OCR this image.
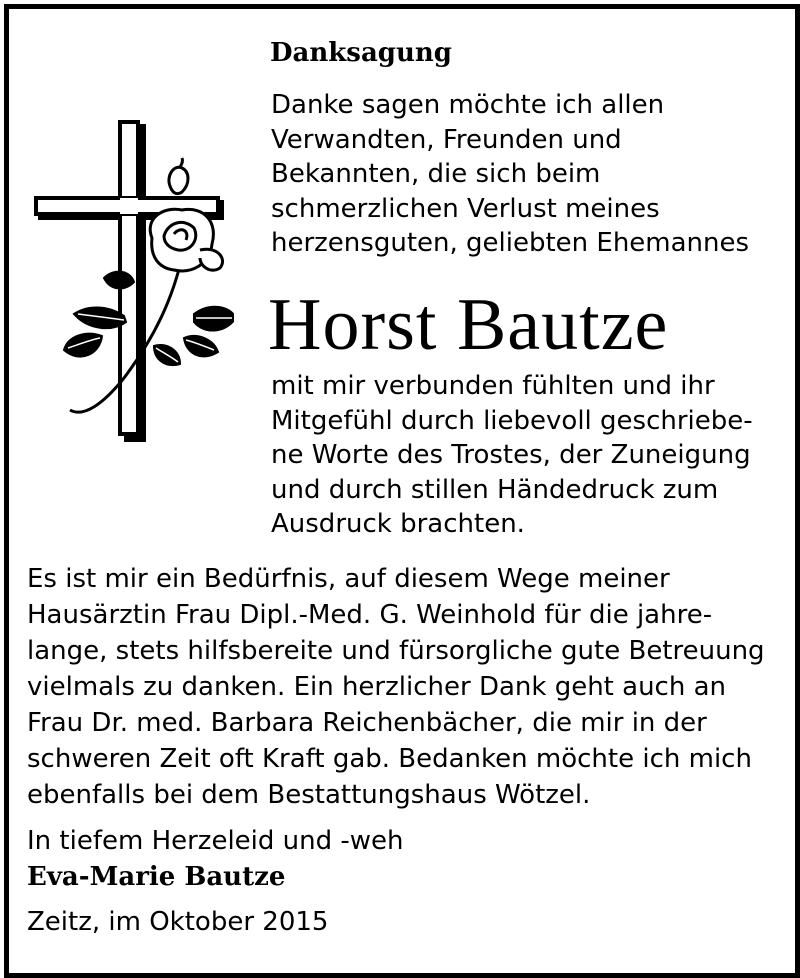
Danksagung
Danke sagen möchte ich allen
Verwandten, Freunden und
Bekannten, die sich beim
schmerzlichen Verlust meines
herzensguten, geliebten Ehemannes
Horst Bautze
mit mir verbunden fühlten und ihr
Mitgefühl durch liebevoll geschriebe-
ne Worte des Trostes, der Zuneigung
und durch stillen Händedruck zum
Ausdruck brachten.
Es ist mir ein Bedürfnis, auf diesem Wege meiner
Hausärztin Frau Dipl.-Med. G. Weinhold für die jahre-
lange, stets hilfsbereite und fürsorgliche gute Betreuung
vielmals zu danken. Ein herzlicher Dank geht auch an
Frau Dr. med. Barbara Reichenbächer, die mir in der
schweren Zeit oft Kraft gab. Bedanken möchte ich mich
ebenfalls bei dem Bestattungshaus Wötzel.
In tiefem Herzeleid und -weh
Eva-Marie Bautze
Zeitz, im Oktober 2015
